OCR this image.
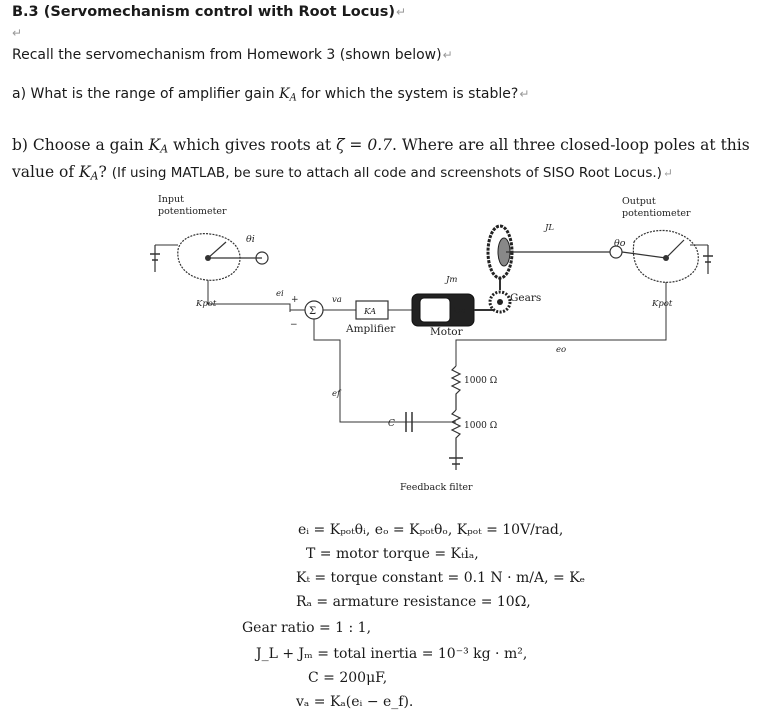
B.3 (Servomechanism control with Root Locus)↵
↵
Recall the servomechanism from Homework 3 (shown below)↵
a) What is the range of amplifier gain $K_A$ for which the system is stable?↵
b) Choose a gain $K_A$ which gives roots at ζ = 0.7. Where are all three closed-loop poles at this value of $K_A$? (If using MATLAB, be sure to attach all code and screenshots of SISO Root Locus.)↵
Input
potentiometer
θi
Kpot
ei
Σ
+
−
va
KA
Amplifier
km
Jm
Motor
Gears
JL
Output
potentiometer
θo
Kpot
eo
ef
C
1000 Ω
1000 Ω
Feedback filter
eᵢ = Kₚₒₜθᵢ, eₒ = Kₚₒₜθₒ, Kₚₒₜ = 10V/rad,
T = motor torque = Kₜiₐ,
Kₜ = torque constant = 0.1 N · m/A, = Kₑ
Rₐ = armature resistance = 10Ω,
Gear ratio = 1 : 1,
J_L + Jₘ = total inertia = 10⁻³ kg · m²,
C = 200μF,
vₐ = Kₐ(eᵢ − e_f).
